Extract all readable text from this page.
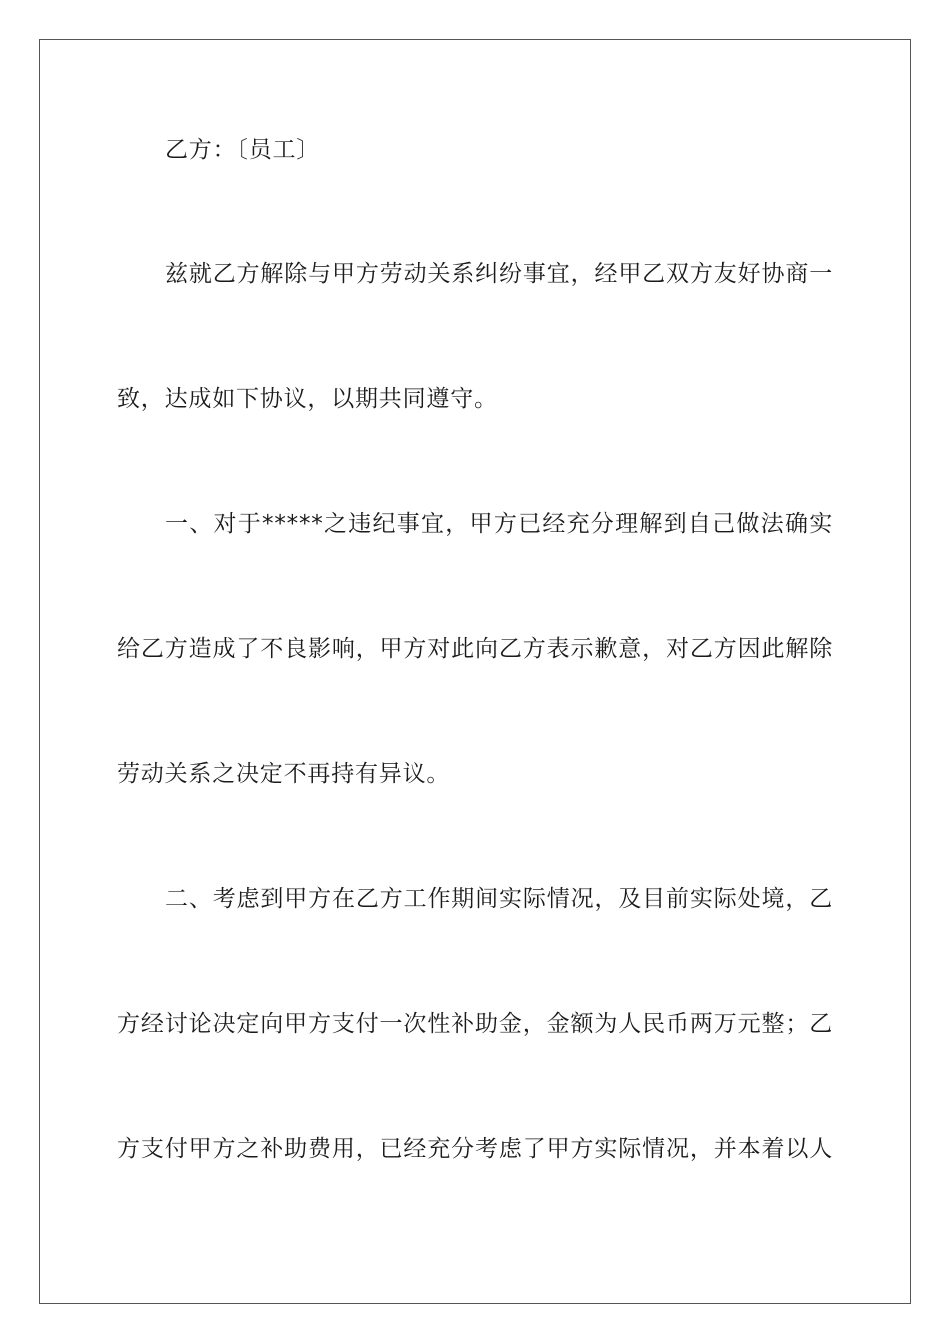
乙方：〔员工〕
兹就乙方解除与甲方劳动关系纠纷事宜，经甲乙双方友好协商一
致，达成如下协议，以期共同遵守。
一、对于*****之违纪事宜，甲方已经充分理解到自己做法确实
给乙方造成了不良影响，甲方对此向乙方表示歉意，对乙方因此解除
劳动关系之决定不再持有异议。
二、考虑到甲方在乙方工作期间实际情况，及目前实际处境，乙
方经讨论决定向甲方支付一次性补助金，金额为人民币两万元整；乙
方支付甲方之补助费用，已经充分考虑了甲方实际情况，并本着以人
